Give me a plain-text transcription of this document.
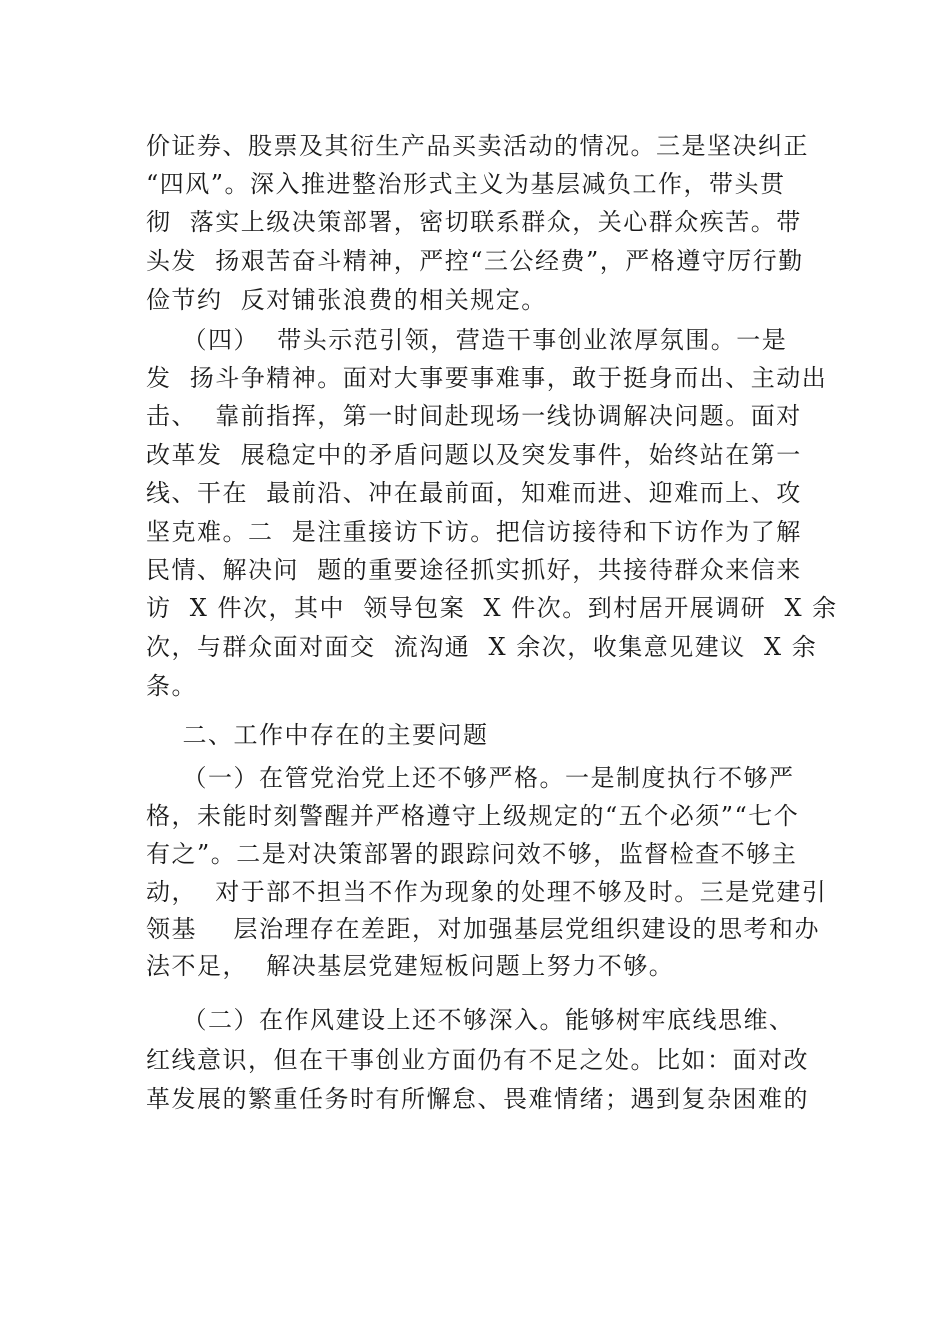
价证券、股票及其衍生产品买卖活动的情况。三是坚决纠正
“四风”。深入推进整治形式主义为基层减负工作，带头贯
彻  落实上级决策部署，密切联系群众，关心群众疾苦。带
头发  扬艰苦奋斗精神，严控“三公经费”，严格遵守厉行勤
俭节约  反对铺张浪费的相关规定。
（四）  带头示范引领，营造干事创业浓厚氛围。一是
发  扬斗争精神。面对大事要事难事，敢于挺身而出、主动出
击、  靠前指挥，第一时间赴现场一线协调解决问题。面对
改革发  展稳定中的矛盾问题以及突发事件，始终站在第一
线、干在  最前沿、冲在最前面，知难而进、迎难而上、攻
坚克难。二  是注重接访下访。把信访接待和下访作为了解
民情、解决问  题的重要途径抓实抓好，共接待群众来信来
访  X 件次，其中  领导包案  X 件次。到村居开展调研  X 余
次，与群众面对面交  流沟通  X 余次，收集意见建议  X 余
条。
二、工作中存在的主要问题
（一）在管党治党上还不够严格。一是制度执行不够严
格，未能时刻警醒并严格遵守上级规定的“五个必须”“七个
有之”。二是对决策部署的跟踪问效不够，监督检查不够主
动，  对于部不担当不作为现象的处理不够及时。三是党建引
领基    层治理存在差距，对加强基层党组织建设的思考和办
法不足，  解决基层党建短板问题上努力不够。
（二）在作风建设上还不够深入。能够树牢底线思维、
红线意识，但在干事创业方面仍有不足之处。比如：面对改
革发展的繁重任务时有所懈怠、畏难情绪；遇到复杂困难的
